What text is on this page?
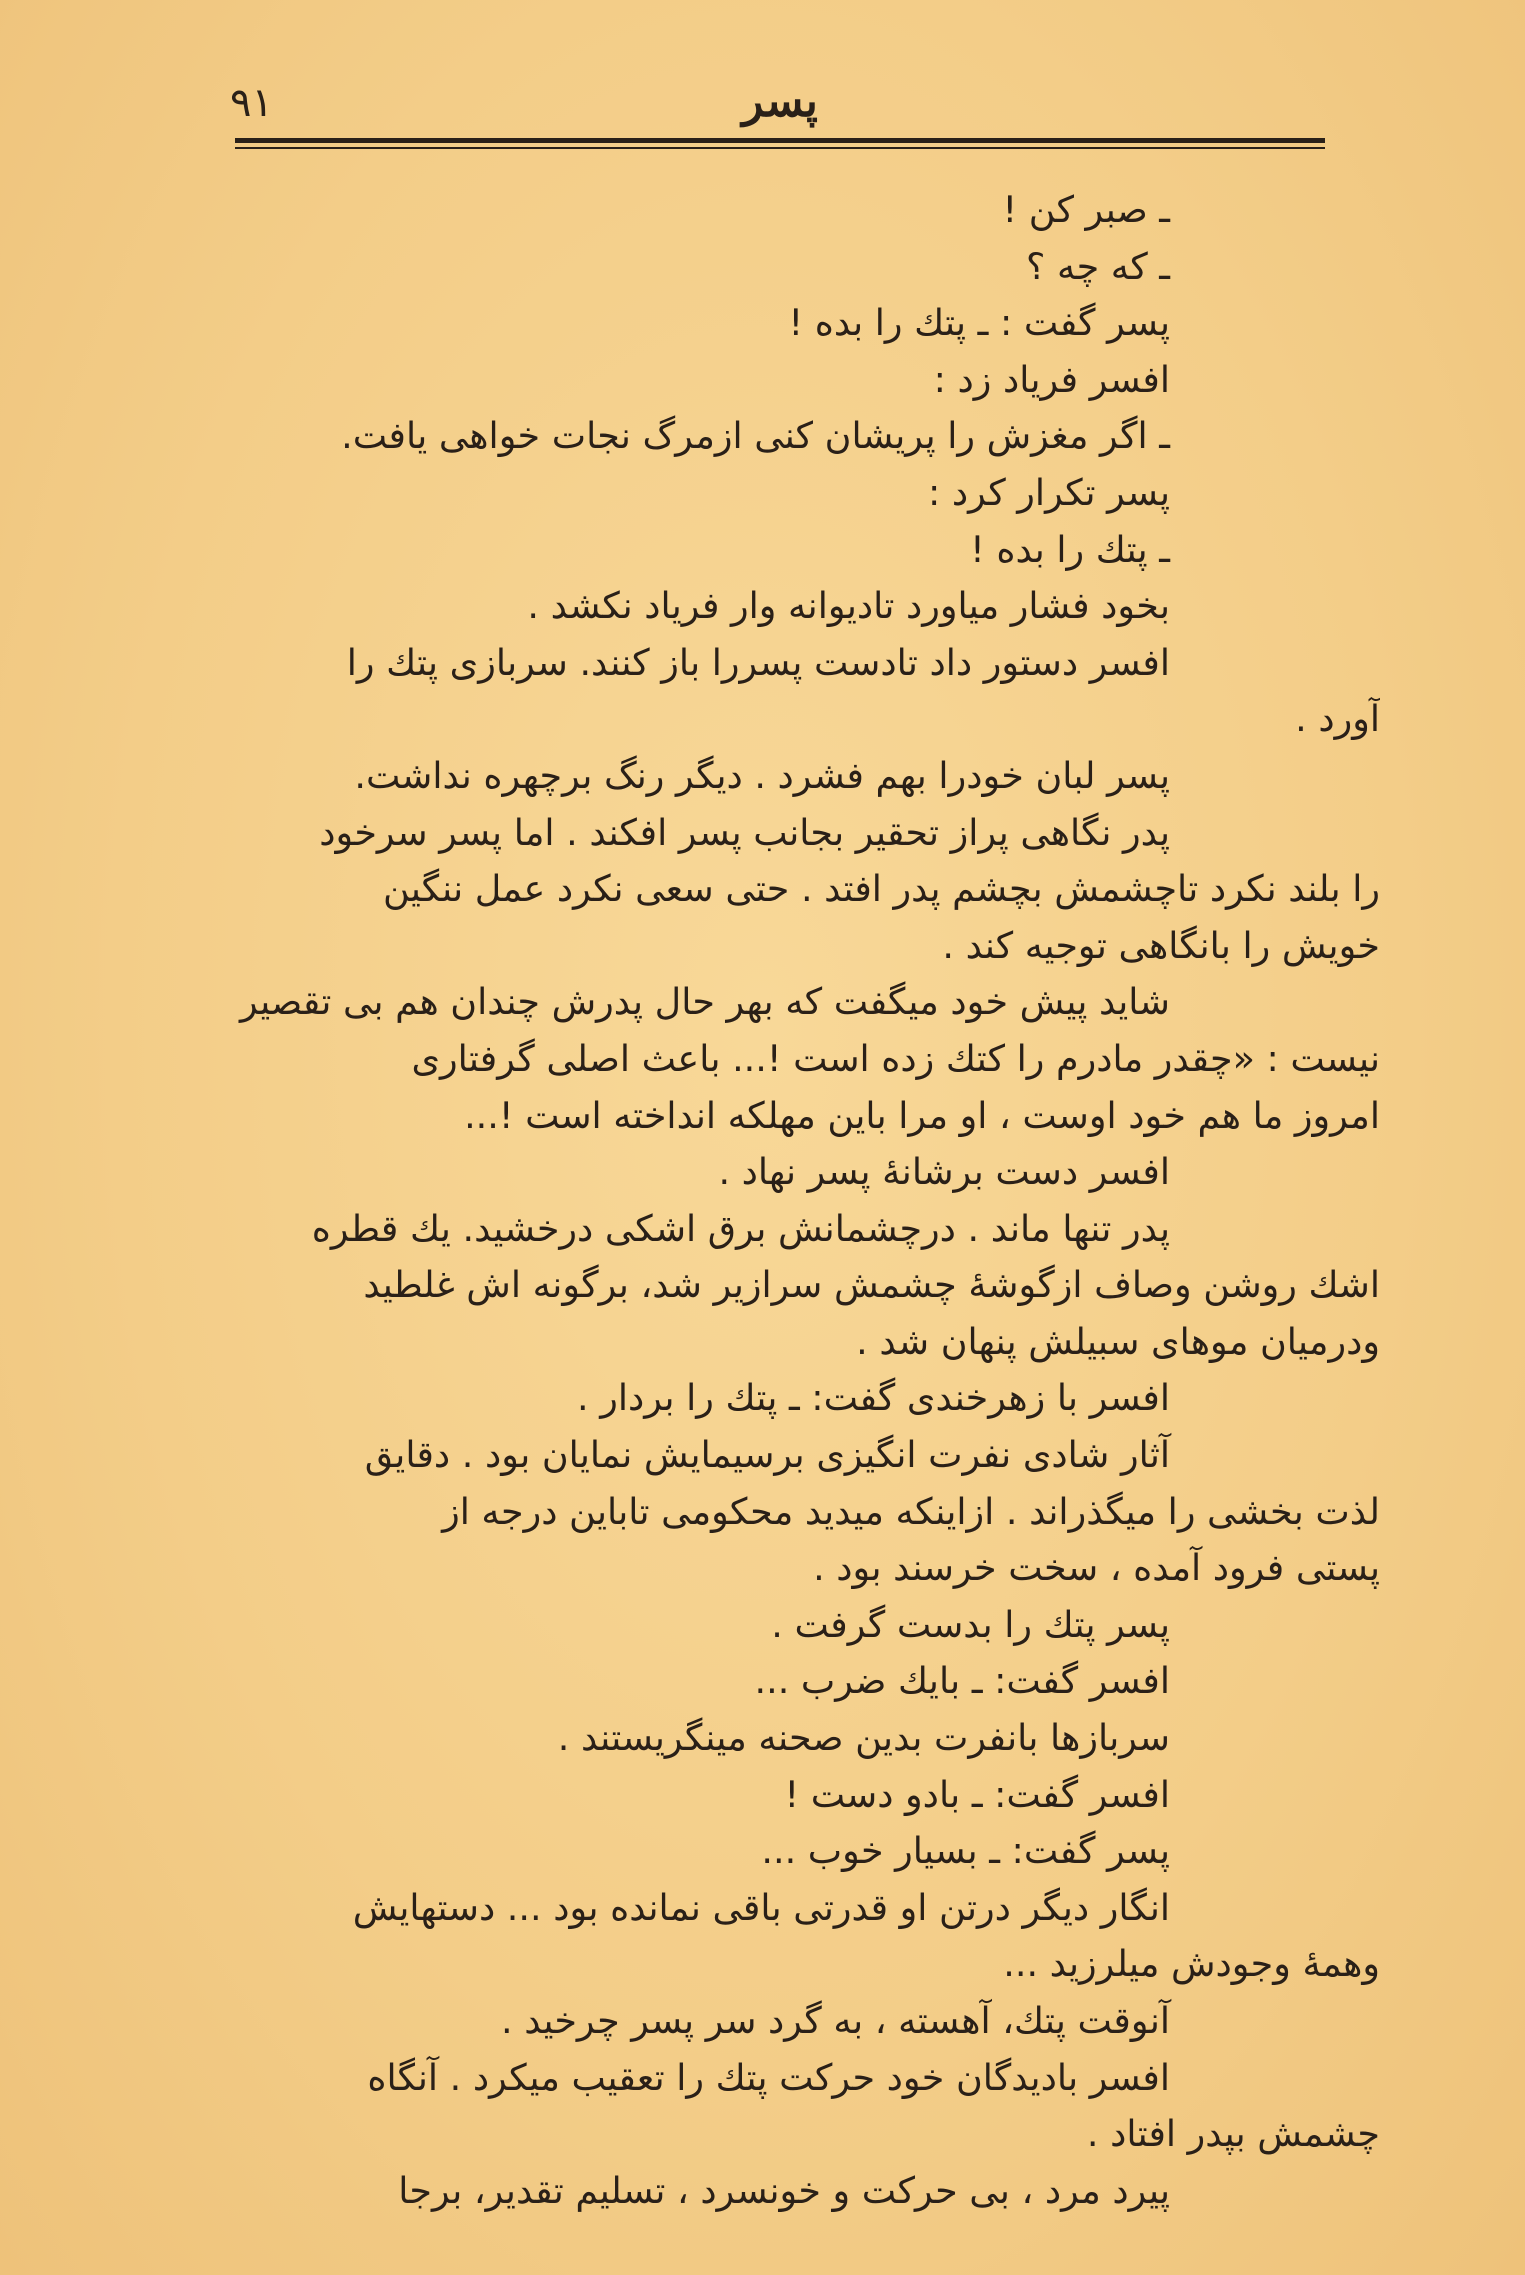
۹۱	پسر
ـ صبر کن !
ـ که چه ؟
پسر گفت : ـ پتك را بده !
افسر فریاد زد :
ـ اگر مغزش را پریشان کنی ازمرگ نجات خواهی یافت.
پسر تکرار کرد :
ـ پتك را بده !
بخود فشار میاورد تادیوانه وار فریاد نکشد .
افسر دستور داد تادست پسررا باز کنند. سربازی پتك را
آورد .
پسر لبان خودرا بهم فشرد . دیگر رنگ برچهره نداشت.
پدر نگاهی پراز تحقیر بجانب پسر افکند . اما پسر سرخود
را بلند نکرد تاچشمش بچشم پدر افتد . حتی سعی نکرد عمل ننگین
خویش را بانگاهی توجیه کند .
شاید پیش خود میگفت که بهر حال پدرش چندان هم بی تقصیر
نیست : «چقدر مادرم را کتك زده است !... باعث اصلی گرفتاری
امروز ما هم خود اوست ، او مرا باین مهلکه انداخته است !...
افسر دست برشانهٔ پسر نهاد .
پدر تنها ماند . درچشمانش برق اشکی درخشید. یك قطره
اشك روشن وصاف ازگوشهٔ چشمش سرازیر شد، برگونه اش غلطید
ودرمیان موهای سبیلش پنهان شد .
افسر با زهرخندی گفت: ـ پتك را بردار .
آثار شادی نفرت انگیزی برسیمایش نمایان بود . دقایق
لذت بخشی را میگذراند . ازاینکه میدید محکومی تاباین درجه از
پستی فرود آمده ، سخت خرسند بود .
پسر پتك را بدست گرفت .
افسر گفت: ـ بایك ضرب ...
سربازها بانفرت بدین صحنه مینگریستند .
افسر گفت: ـ بادو دست !
پسر گفت: ـ بسیار خوب ...
انگار دیگر درتن او قدرتی باقی نمانده بود ... دستهایش
وهمهٔ وجودش میلرزید ...
آنوقت پتك، آهسته ، به گرد سر پسر چرخید .
افسر بادیدگان خود حرکت پتك را تعقیب میکرد . آنگاه
چشمش بپدر افتاد .
پیرد مرد ، بی حرکت و خونسرد ، تسلیم تقدیر، برجا
